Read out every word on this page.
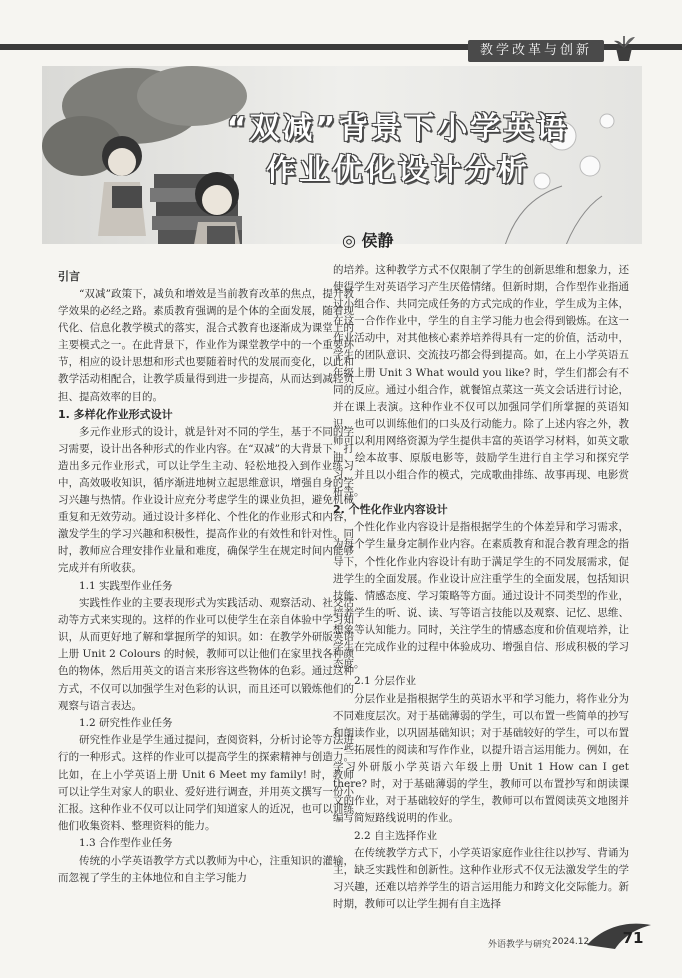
教学改革与创新
“双减”背景下小学英语
作业优化设计分析
◎ 侯静
引言

“双减”政策下，减负和增效是当前教育改革的焦点，提升教学效果的必经之路。素质教育强调的是个体的全面发展，随着现代化、信息化教学模式的落实，混合式教育也逐渐成为课堂上的主要模式之一。在此背景下，作业作为课堂教学中的一个重要环节，相应的设计思想和形式也要随着时代的发展而变化，以此和教学活动相配合，让教学质量得到进一步提高，从而达到减轻负担、提高效率的目的。

1. 多样化作业形式设计

多元作业形式的设计，就是针对不同的学生，基于不同的学习需要，设计出各种形式的作业内容。在“双减”的大背景下，打造出多元作业形式，可以让学生主动、轻松地投入到作业练习中，高效吸收知识，循序渐进地树立起思维意识，增强自身的学习兴趣与热情。作业设计应充分考虑学生的课业负担，避免机械重复和无效劳动。通过设计多样化、个性化的作业形式和内容，激发学生的学习兴趣和积极性，提高作业的有效性和针对性。同时，教师应合理安排作业量和难度，确保学生在规定时间内能够完成并有所收获。

1.1 实践型作业任务

实践性作业的主要表现形式为实践活动、观察活动、社交活动等方式来实现的。这样的作业可以使学生在亲自体验中学习知识，从而更好地了解和掌握所学的知识。如：在教学外研版英语上册 Unit 2 Colours 的时候，教师可以让他们在家里找各种颜色的物体，然后用英文的语言来形容这些物体的色彩。通过这种方式，不仅可以加强学生对色彩的认识，而且还可以锻炼他们的观察与语言表达。

1.2 研究性作业任务

研究性作业是学生通过提问，查阅资料，分析讨论等方法进行的一种形式。这样的作业可以提高学生的探索精神与创造力。比如，在上小学英语上册 Unit 6 Meet my family! 时，教师可以让学生对家人的职业、爱好进行调查，并用英文撰写一份小汇报。这种作业不仅可以让同学们知道家人的近况，也可以训练他们收集资料、整理资料的能力。

1.3 合作型作业任务

传统的小学英语教学方式以教师为中心，注重知识的灌输，而忽视了学生的主体地位和自主学习能力

的培养。这种教学方式不仅限制了学生的创新思维和想象力，还使得学生对英语学习产生厌倦情绪。但新时期，合作型作业指通过小组合作、共同完成任务的方式完成的作业，学生成为主体，在这一合作作业中，学生的自主学习能力也会得到锻炼。在这一作业活动中，对其他核心素养培养得具有一定的价值，活动中，学生的团队意识、交流技巧都会得到提高。如，在上小学英语五年级上册 Unit 3 What would you like? 时，学生们都会有不同的反应。通过小组合作，就餐馆点菜这一英文会话进行讨论，并在课上表演。这种作业不仅可以加强同学们所掌握的英语知识，也可以训练他们的口头及行动能力。除了上述内容之外，教师可以利用网络资源为学生提供丰富的英语学习材料，如英文歌曲、绘本故事、原版电影等，鼓励学生进行自主学习和探究学习，并且以小组合作的模式，完成歌曲排练、故事再现、电影赏析等。

2. 个性化作业内容设计

个性化作业内容设计是指根据学生的个体差异和学习需求，为每个学生量身定制作业内容。在素质教育和混合教育理念的指导下，个性化作业内容设计有助于满足学生的不同发展需求，促进学生的全面发展。作业设计应注重学生的全面发展，包括知识技能、情感态度、学习策略等方面。通过设计不同类型的作业，培养学生的听、说、读、写等语言技能以及观察、记忆、思维、想象等认知能力。同时，关注学生的情感态度和价值观培养，让学生在完成作业的过程中体验成功、增强自信、形成积极的学习态度。

2.1 分层作业

分层作业是指根据学生的英语水平和学习能力，将作业分为不同难度层次。对于基础薄弱的学生，可以布置一些简单的抄写和朗读作业，以巩固基础知识；对于基础较好的学生，可以布置一些拓展性的阅读和写作作业，以提升语言运用能力。例如，在学习外研版小学英语六年级上册 Unit 1 How can I get there? 时，对于基础薄弱的学生，教师可以布置抄写和朗读课文的作业，对于基础较好的学生，教师可以布置阅读英文地图并编写简短路线说明的作业。

2.2 自主选择作业

在传统教学方式下，小学英语家庭作业往往以抄写、背诵为主，缺乏实践性和创新性。这种作业形式不仅无法激发学生的学习兴趣，还难以培养学生的语言运用能力和跨文化交际能力。新时期，教师可以让学生拥有自主选择

外语教学与研究 2024.12	71
